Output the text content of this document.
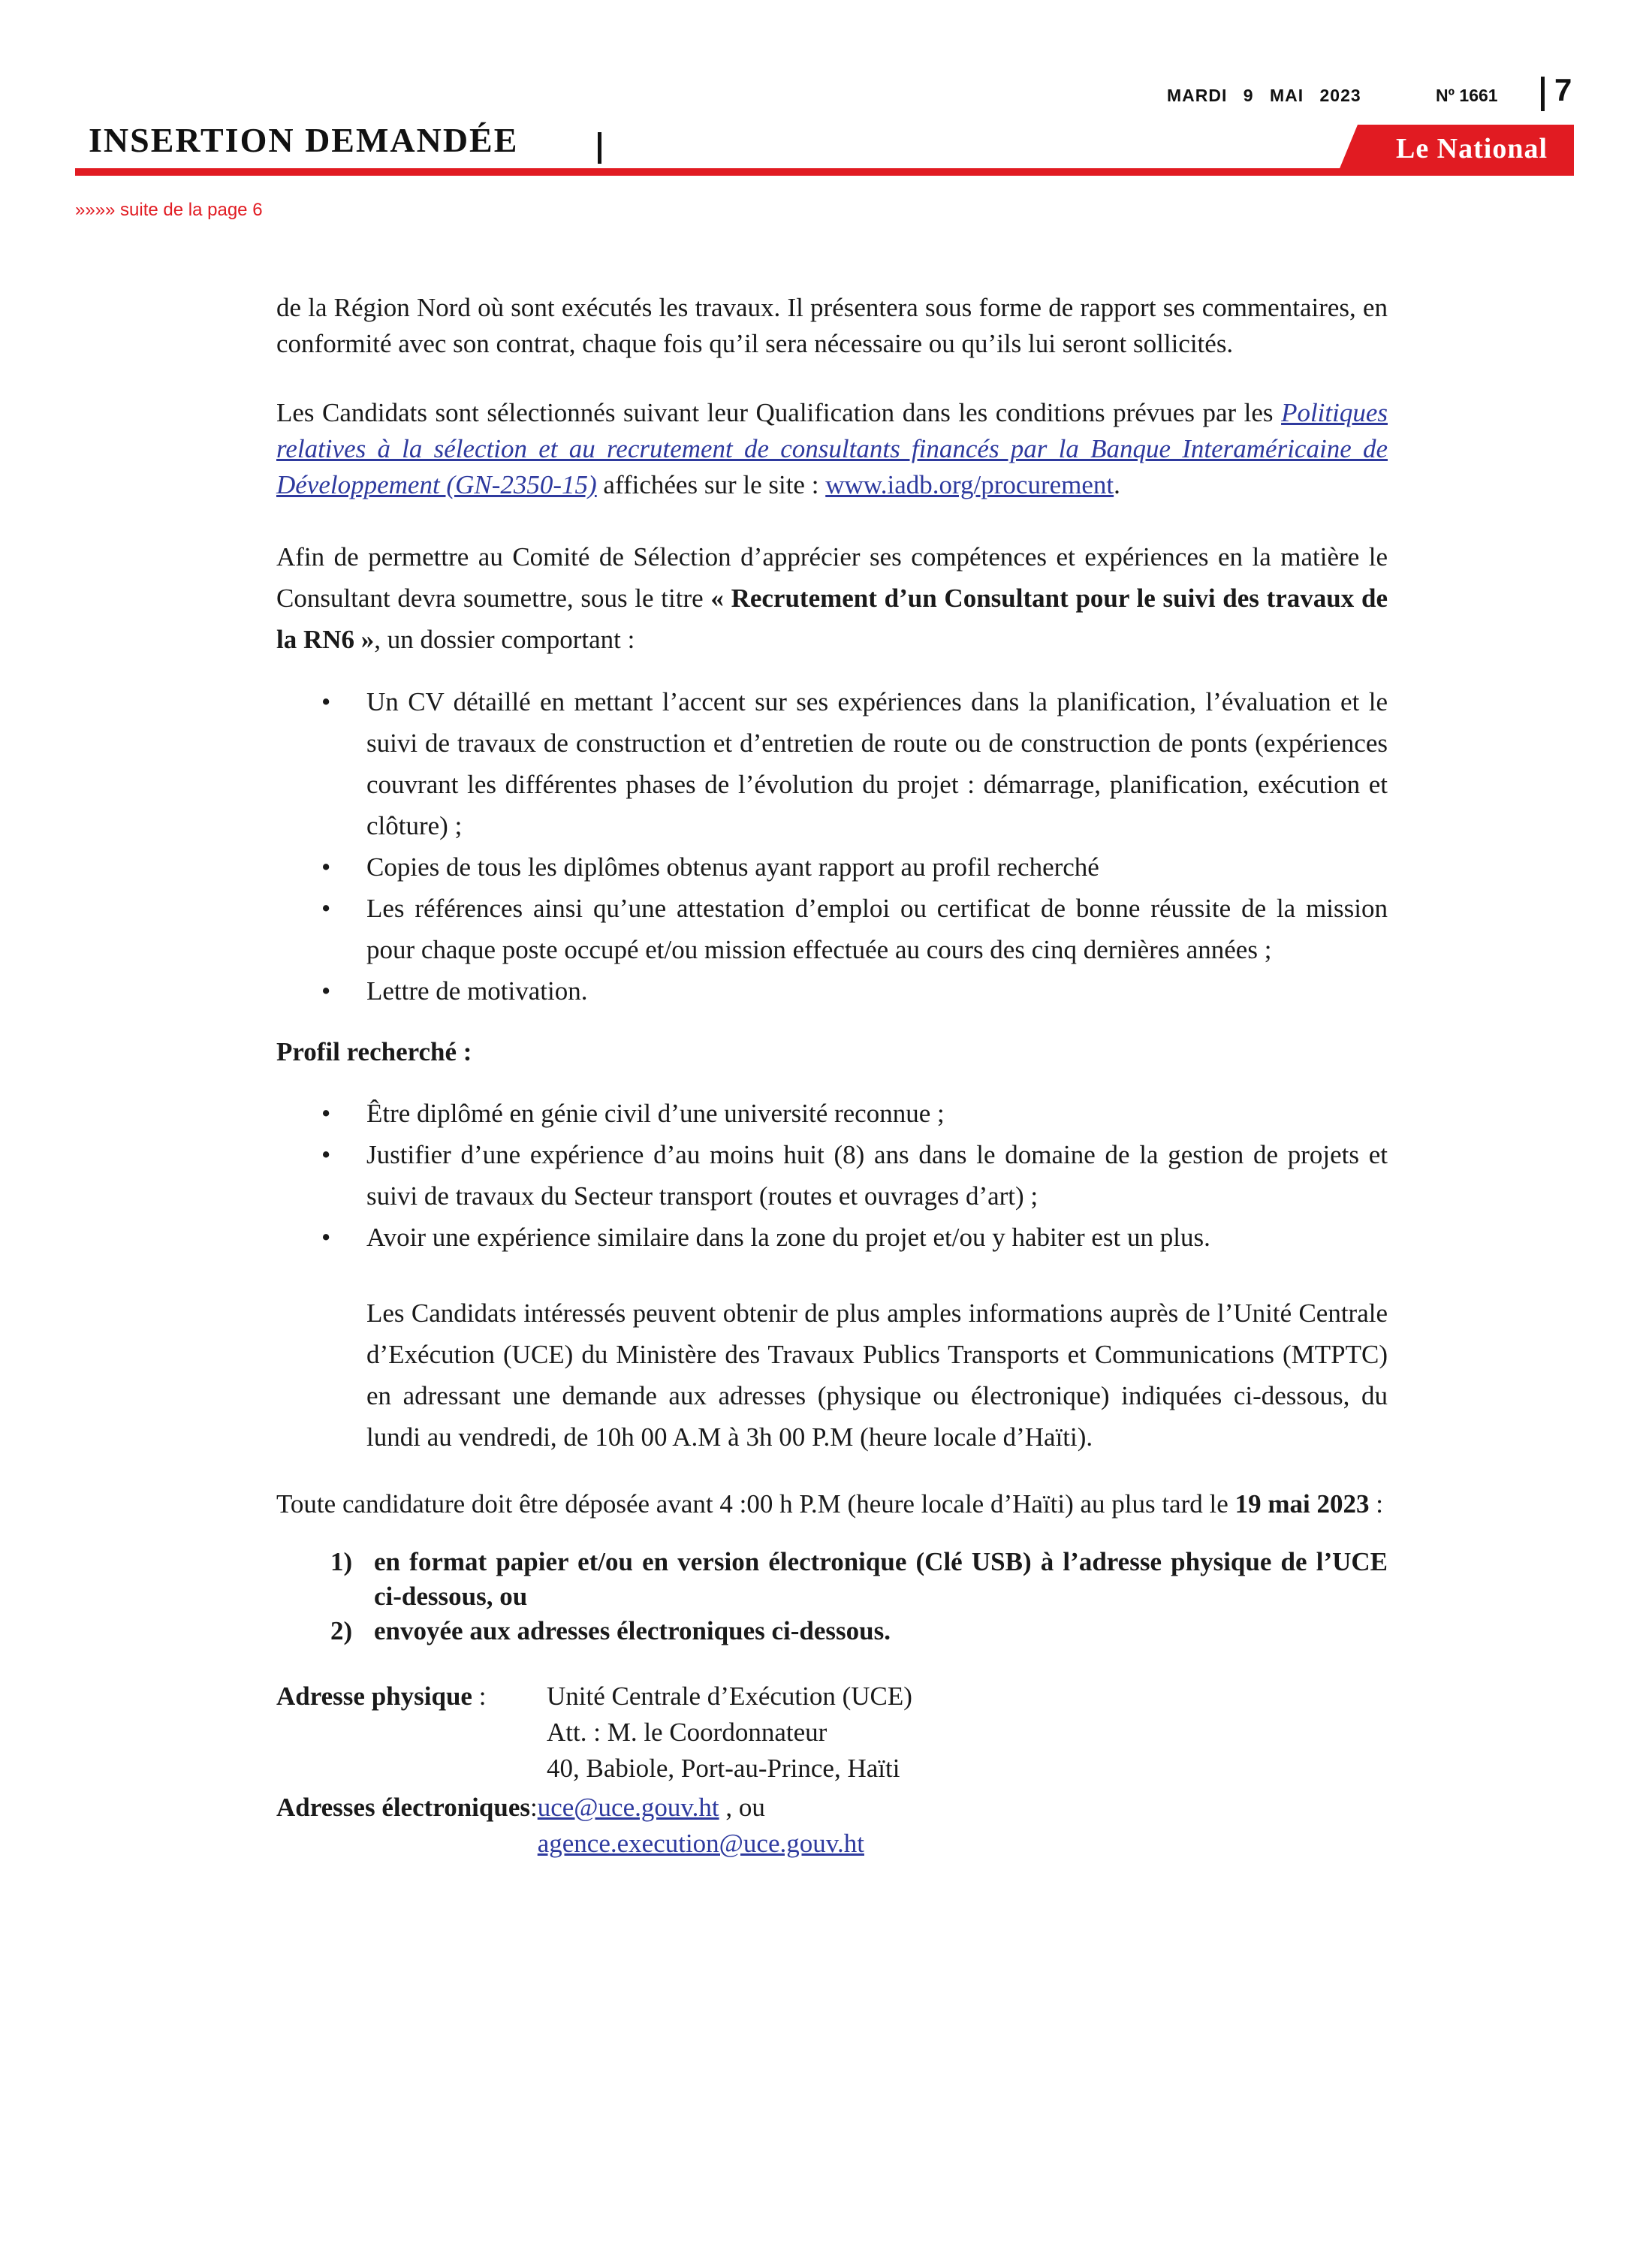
MARDI 9 MAI 2023	Nº 1661 7
INSERTION DEMANDÉE	Le National
»»»» suite de la page 6

de la Région Nord où sont exécutés les travaux. Il présentera sous forme de rapport ses commentaires, en conformité avec son contrat, chaque fois qu’il sera nécessaire ou qu’ils lui seront sollicités.

Les Candidats sont sélectionnés suivant leur Qualification dans les conditions prévues par les Politiques relatives à la sélection et au recrutement de consultants financés par la Banque Interaméricaine de Développement (GN-2350-15) affichées sur le site : www.iadb.org/procurement.

Afin de permettre au Comité de Sélection d’apprécier ses compétences et expériences en la matière le Consultant devra soumettre, sous le titre « Recrutement d’un Consultant pour le suivi des travaux de la RN6 », un dossier comportant :

• Un CV détaillé en mettant l’accent sur ses expériences dans la planification, l’évaluation et le suivi de travaux de construction et d’entretien de route ou de construction de ponts (expériences couvrant les différentes phases de l’évolution du projet : démarrage, planification, exécution et clôture) ;
• Copies de tous les diplômes obtenus ayant rapport au profil recherché
• Les références ainsi qu’une attestation d’emploi ou certificat de bonne réussite de la mission pour chaque poste occupé et/ou mission effectuée au cours des cinq dernières années ;
• Lettre de motivation.

Profil recherché :

• Être diplômé en génie civil d’une université reconnue ;
• Justifier d’une expérience d’au moins huit (8) ans dans le domaine de la gestion de projets et suivi de travaux du Secteur transport (routes et ouvrages d’art) ;
• Avoir une expérience similaire dans la zone du projet et/ou y habiter est un plus.

Les Candidats intéressés peuvent obtenir de plus amples informations auprès de l’Unité Centrale d’Exécution (UCE) du Ministère des Travaux Publics Transports et Communications (MTPTC) en adressant une demande aux adresses (physique ou électronique) indiquées ci-dessous, du lundi au vendredi, de 10h 00 A.M à 3h 00 P.M (heure locale d’Haïti).

Toute candidature doit être déposée avant 4 :00 h P.M (heure locale d’Haïti) au plus tard le 19 mai 2023 :

1) en format papier et/ou en version électronique (Clé USB) à l’adresse physique de l’UCE ci-dessous, ou
2) envoyée aux adresses électroniques ci-dessous.
Adresse physique :	Unité Centrale d’Exécution (UCE)
Att. : M. le Coordonnateur
40, Babiole, Port-au-Prince, Haïti
Adresses électroniques: uce@uce.gouv.ht , ou
agence.execution@uce.gouv.ht
